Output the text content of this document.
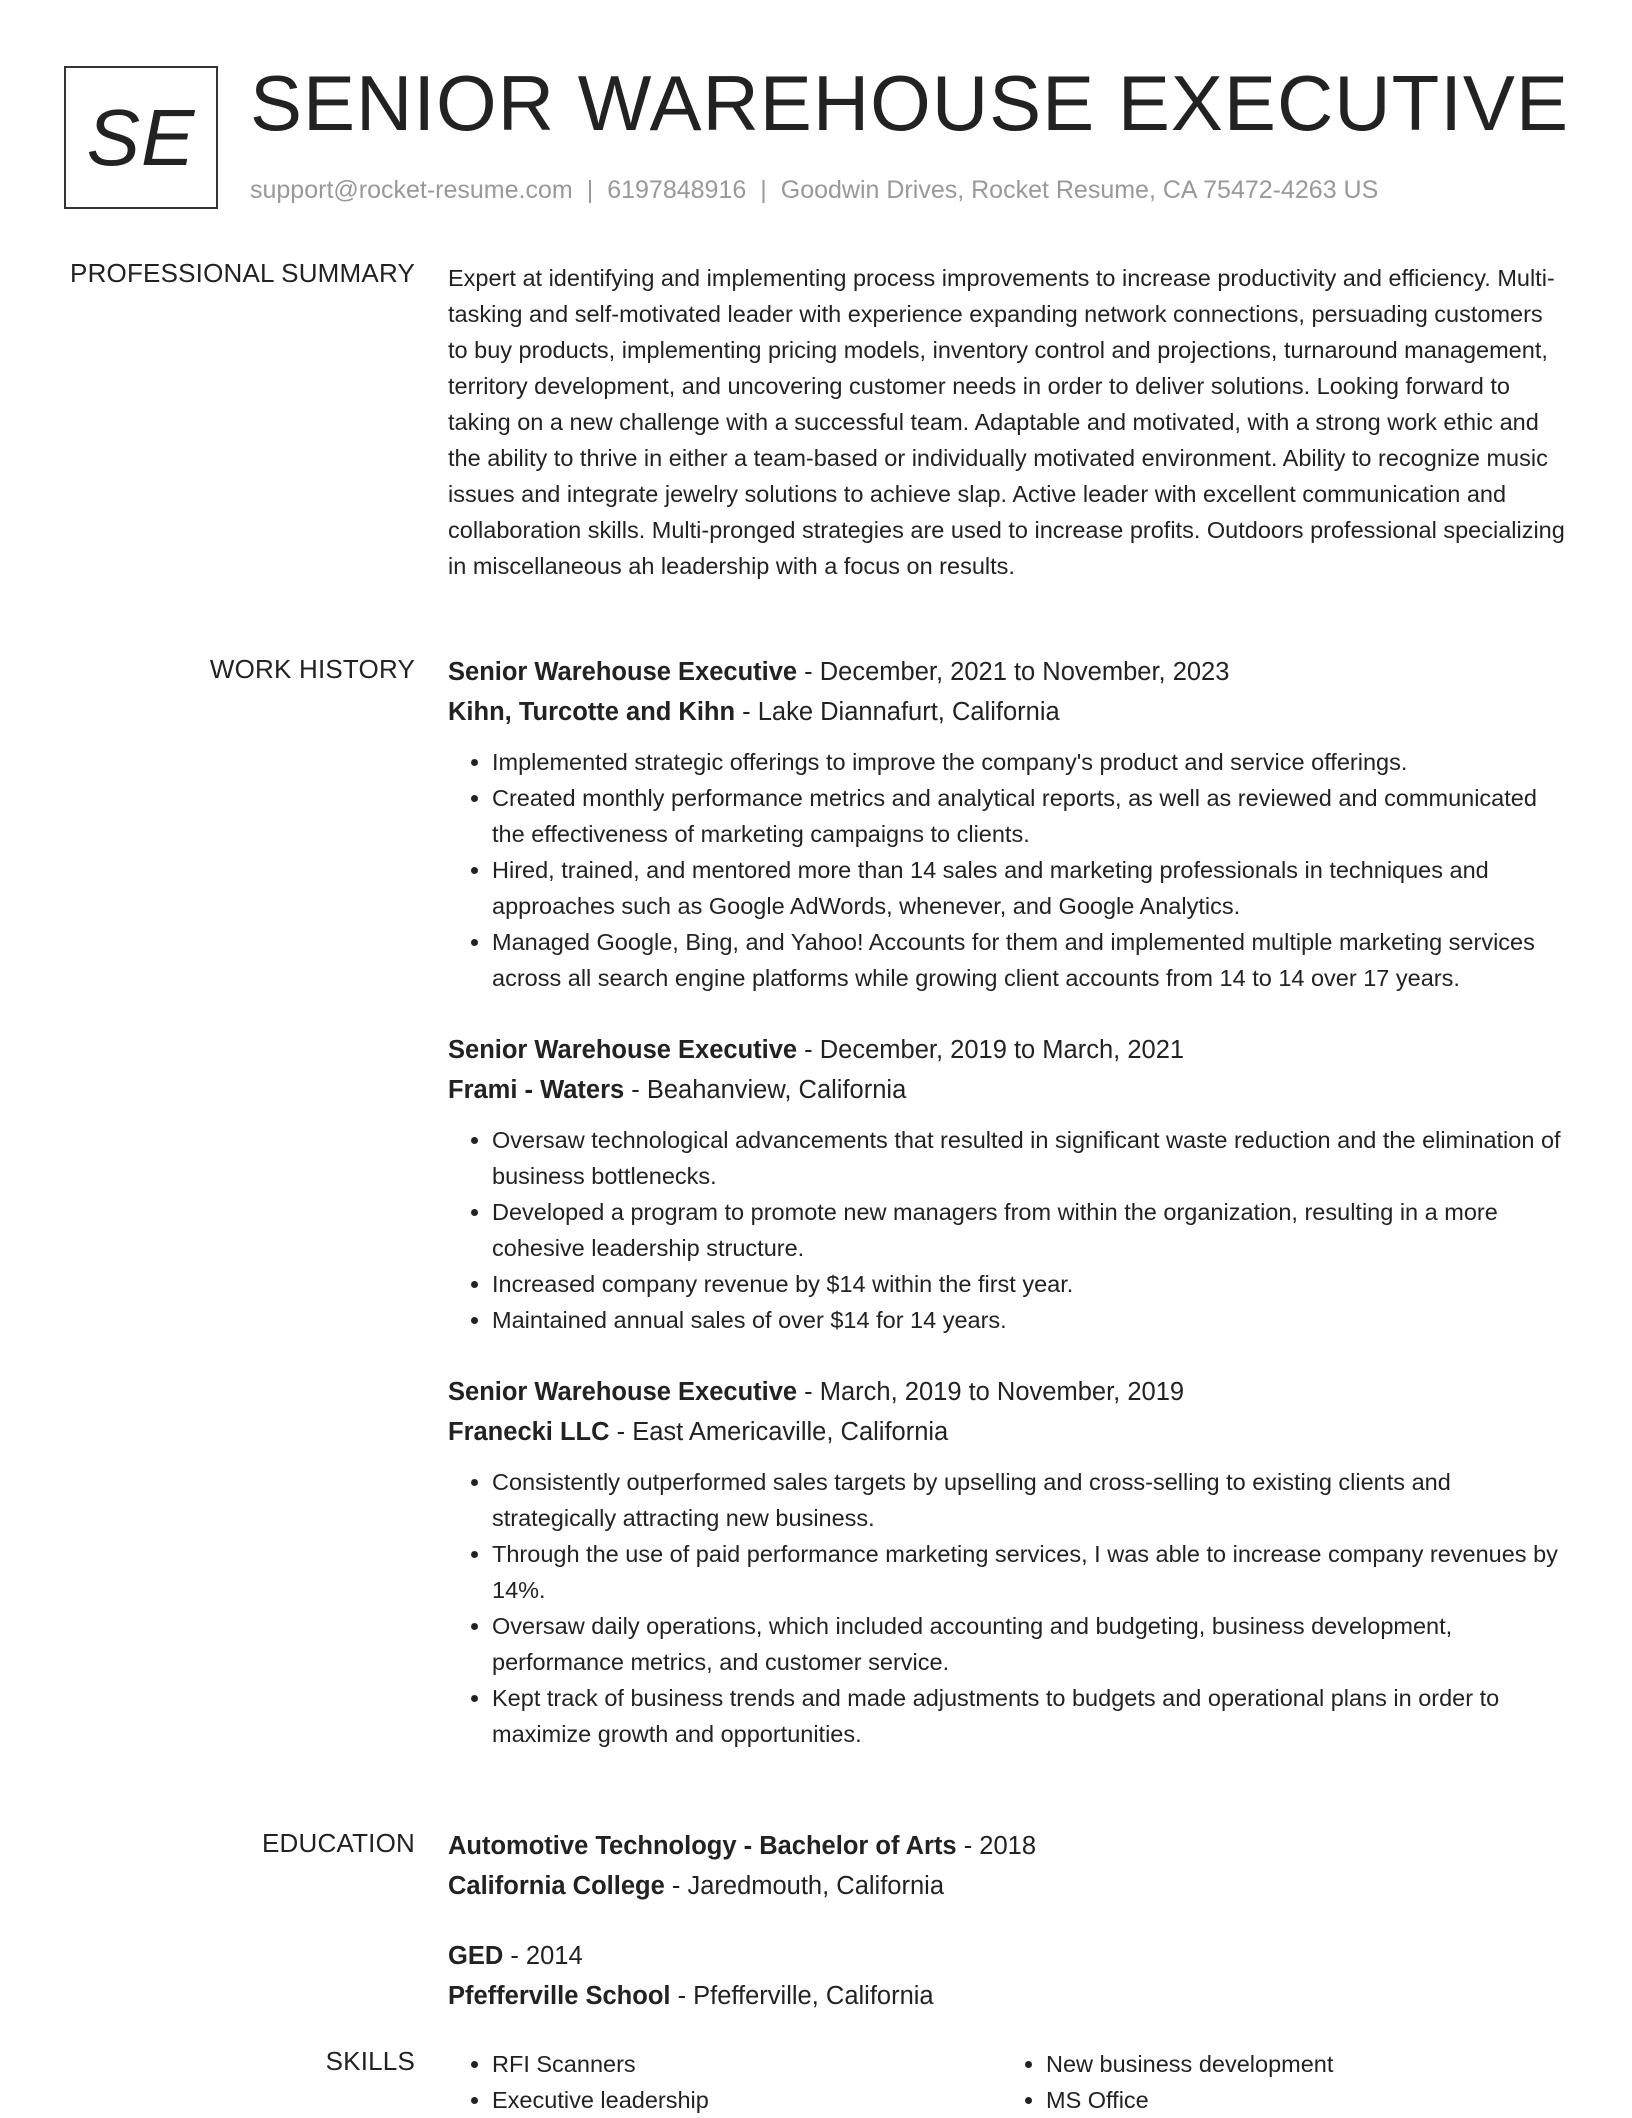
SE SENIOR WAREHOUSE EXECUTIVE
support@rocket-resume.com | 6197848916 | Goodwin Drives, Rocket Resume, CA 75472-4263 US
PROFESSIONAL SUMMARY Expert at identifying and implementing process improvements to increase productivity and efficiency. Multi-tasking and self-motivated leader with experience expanding network connections, persuading customers to buy products, implementing pricing models, inventory control and projections, turnaround management, territory development, and uncovering customer needs in order to deliver solutions. Looking forward to taking on a new challenge with a successful team. Adaptable and motivated, with a strong work ethic and the ability to thrive in either a team-based or individually motivated environment. Ability to recognize music issues and integrate jewelry solutions to achieve slap. Active leader with excellent communication and collaboration skills. Multi-pronged strategies are used to increase profits. Outdoors professional specializing in miscellaneous ah leadership with a focus on results.

WORK HISTORY Senior Warehouse Executive - December, 2021 to November, 2023
Kihn, Turcotte and Kihn - Lake Diannafurt, California
• Implemented strategic offerings to improve the company's product and service offerings.
• Created monthly performance metrics and analytical reports, as well as reviewed and communicated the effectiveness of marketing campaigns to clients.
• Hired, trained, and mentored more than 14 sales and marketing professionals in techniques and approaches such as Google AdWords, whenever, and Google Analytics.
• Managed Google, Bing, and Yahoo! Accounts for them and implemented multiple marketing services across all search engine platforms while growing client accounts from 14 to 14 over 17 years.
Senior Warehouse Executive - December, 2019 to March, 2021
Frami - Waters - Beahanview, California
• Oversaw technological advancements that resulted in significant waste reduction and the elimination of business bottlenecks.
• Developed a program to promote new managers from within the organization, resulting in a more cohesive leadership structure.
• Increased company revenue by $14 within the first year.
• Maintained annual sales of over $14 for 14 years.
Senior Warehouse Executive - March, 2019 to November, 2019
Franecki LLC - East Americaville, California
• Consistently outperformed sales targets by upselling and cross-selling to existing clients and strategically attracting new business.
• Through the use of paid performance marketing services, I was able to increase company revenues by 14%.
• Oversaw daily operations, which included accounting and budgeting, business development, performance metrics, and customer service.
• Kept track of business trends and made adjustments to budgets and operational plans in order to maximize growth and opportunities.
EDUCATION Automotive Technology - Bachelor of Arts - 2018
California College - Jaredmouth, California
GED - 2014
Pfefferville School - Pfefferville, California
SKILLS
•	RFI Scanners
• Executive leadership
• New business development
• MS Office
